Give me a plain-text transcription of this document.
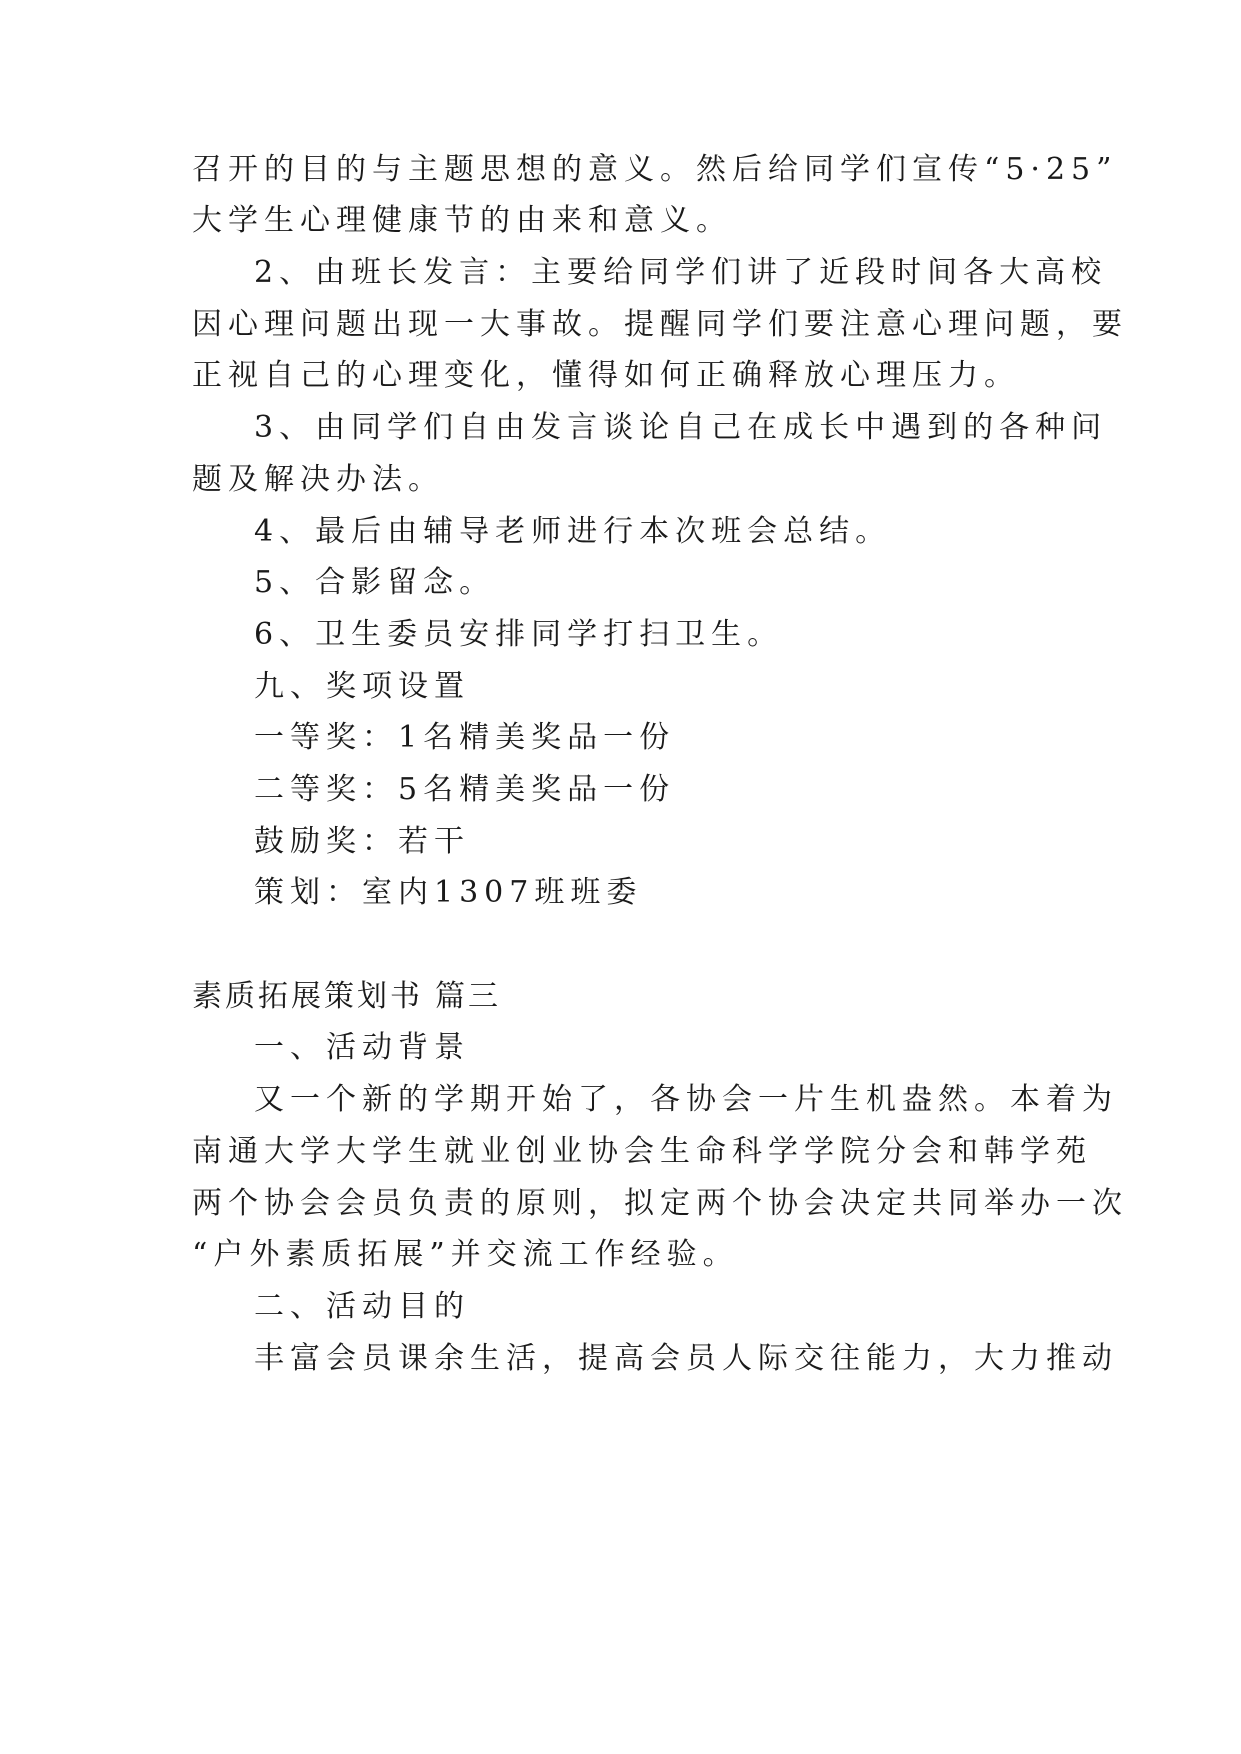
召开的目的与主题思想的意义。然后给同学们宣传“5·25”
大学生心理健康节的由来和意义。
2、由班长发言：主要给同学们讲了近段时间各大高校
因心理问题出现一大事故。提醒同学们要注意心理问题，要
正视自己的心理变化，懂得如何正确释放心理压力。
3、由同学们自由发言谈论自己在成长中遇到的各种问
题及解决办法。
4、最后由辅导老师进行本次班会总结。
5、合影留念。
6、卫生委员安排同学打扫卫生。
九、奖项设置
一等奖：1名精美奖品一份
二等奖：5名精美奖品一份
鼓励奖：若干
策划：室内1307班班委
素质拓展策划书 篇三
一、活动背景
又一个新的学期开始了，各协会一片生机盎然。本着为
南通大学大学生就业创业协会生命科学学院分会和韩学苑
两个协会会员负责的原则，拟定两个协会决定共同举办一次
“户外素质拓展”并交流工作经验。
二、活动目的
丰富会员课余生活，提高会员人际交往能力，大力推动
